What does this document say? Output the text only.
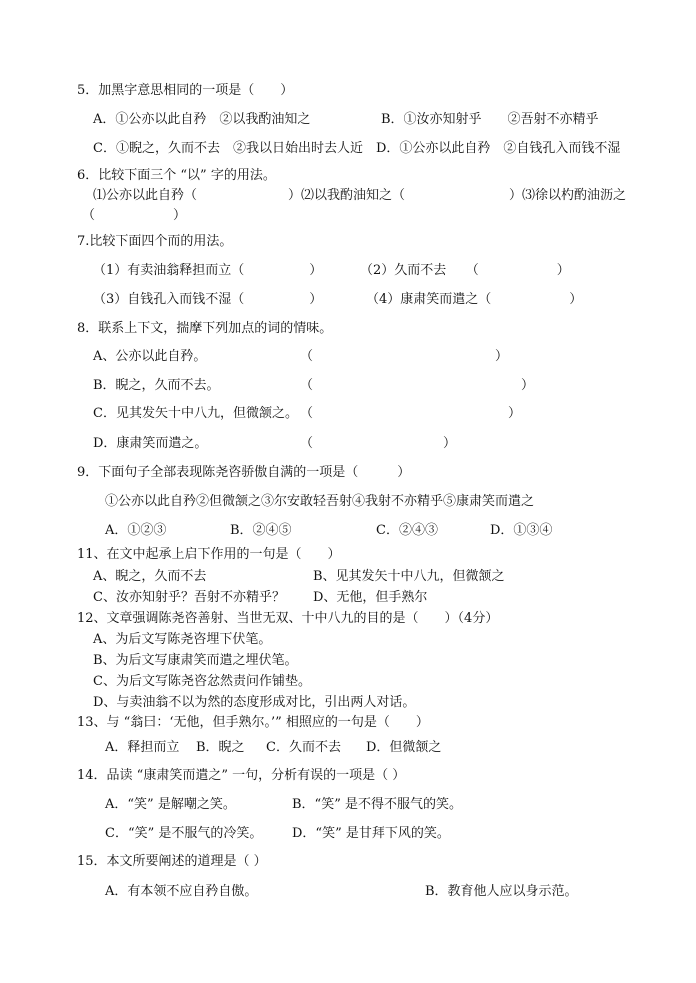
5．加黑字意思相同的一项是（　　）
A．①公亦以此自矜　②以我酌油知之	B．①汝亦知射乎　　②吾射不亦精乎
C．①睨之，久而不去　②我以日始出时去人近 D．①公亦以此自矜　②自钱孔入而钱不湿
6．比较下面三个 “以” 字的用法。
⑴公亦以此自矜（　　　　　　　）⑵以我酌油知之（　　　　　　　　）⑶徐以杓酌油沥之
（　　　　　　）
7.比较下面四个而的用法。
（1）有卖油翁释担而立（　　　　　）	（2）久而不去　　（　　　　　　）
（3）自钱孔入而钱不湿（　　　　　）	（4）康肃笑而遣之（　　　　　　）
8．联系上下文，揣摩下列加点的词的情味。
A、公亦以此自矜。	（　　　　　　　　　　　　　　）
B．睨之，久而不去。	（　　　　　　　　　　　　　　　　）
C．见其发矢十中八九，但微颔之。 （　　　　　　　　　　　　　　　）
D．康肃笑而遣之。	（　　　　　　　　　　）
9．下面句子全部表现陈尧咨骄傲自满的一项是（　　　）
①公亦以此自矜②但微颔之③尔安敢轻吾射④我射不亦精乎⑤康肃笑而遣之
A．①②③	B．②④⑤	C．②④③	D．①③④
11、在文中起承上启下作用的一句是（　　）
A、睨之，久而不去	B、见其发矢十中八九，但微颔之
C、汝亦知射乎？吾射不亦精乎？ D、无他，但手熟尔
12、文章强调陈尧咨善射、当世无双、十中八九的目的是（　　）（4分）
A、为后文写陈尧咨埋下伏笔。
B、为后文写康肃笑而遣之埋伏笔。
C、为后文写陈尧咨忿然责问作铺垫。
D、与卖油翁不以为然的态度形成对比，引出两人对话。
13、与 “翁曰：‘无他，但手熟尔。’” 相照应的一句是（　　）
A．释担而立 B．睨之 C．久而不去 D．但微颔之
14．品读 “康肃笑而遣之” 一句，分析有误的一项是（ ）
A．“笑” 是解嘲之笑。	B．“笑” 是不得不服气的笑。
C．“笑” 是不服气的冷笑。 D．“笑” 是甘拜下风的笑。
15．本文所要阐述的道理是（ ）
A．有本领不应自矜自傲。	B．教育他人应以身示范。
